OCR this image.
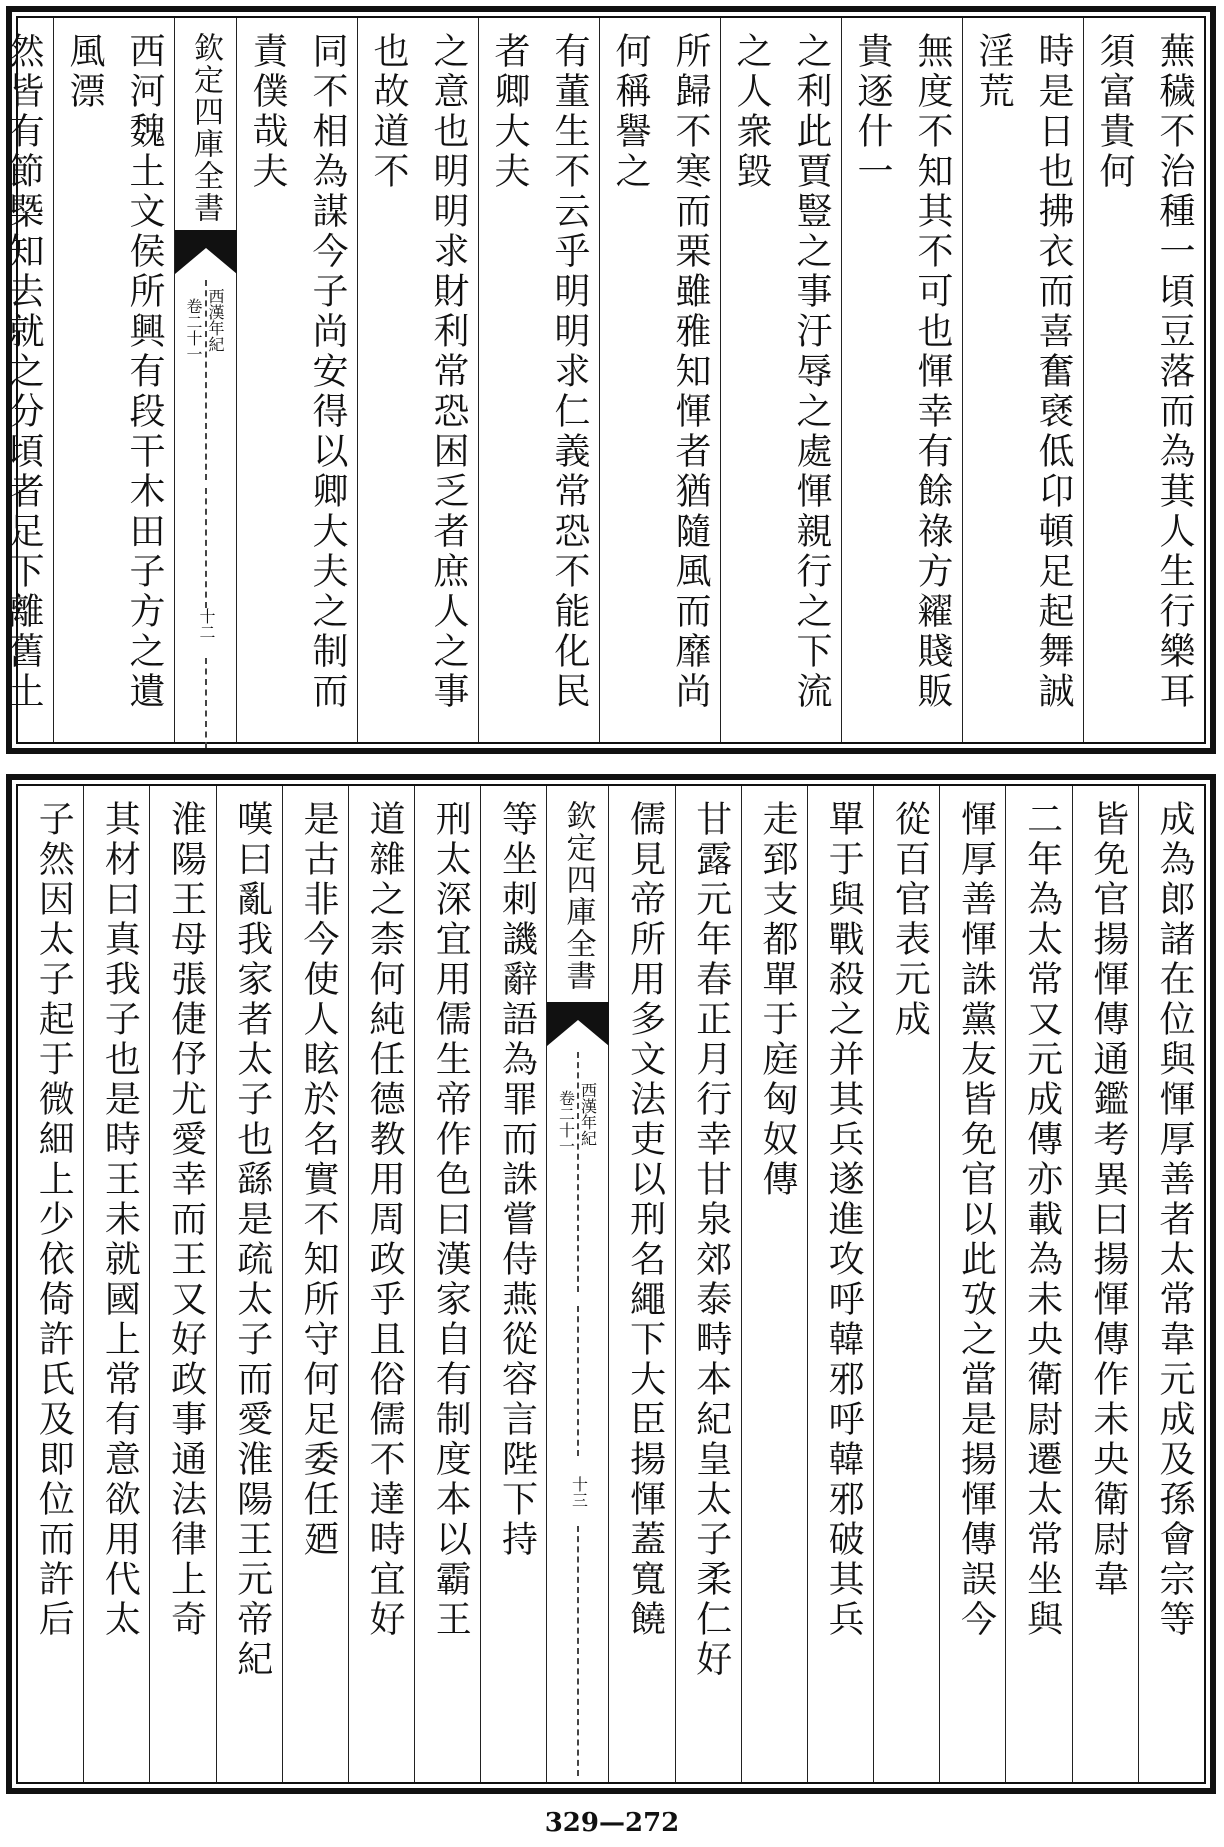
蕪穢不治種一頃豆落而為萁人生行樂耳須富貴何
時是日也拂衣而喜奮褎低卬頓足起舞誠淫荒
無度不知其不可也惲幸有餘祿方糴賤販貴逐什一
之利此賈豎之事汙辱之處惲親行之下流之人衆毀
所歸不寒而栗雖雅知惲者猶隨風而靡尚何稱譽之
有董生不云乎明明求仁義常恐不能化民者卿大夫
之意也明明求財利常恐困乏者庶人之事也故道不
同不相為謀今子尚安得以卿大夫之制而責僕哉夫
欽定四庫全書
西漢年紀
卷二十一
十二
西河魏土文侯所興有段干木田子方之遺風漂
然皆有節槩知去就之分頃者足下離舊土
成為郎諸在位與惲厚善者太常韋元成及孫會宗等
皆免官揚惲傳通鑑考異曰揚惲傳作未央衛尉韋
二年為太常又元成傳亦載為未央衛尉遷太常坐與
惲厚善惲誅黨友皆免官以此攷之當是揚惲傳誤今
從百官表元成
單于與戰殺之并其兵遂進攻呼韓邪呼韓邪破其兵
走郅支都單于庭匈奴傳
甘露元年春正月行幸甘泉郊泰畤本紀皇太子柔仁好
儒見帝所用多文法吏以刑名繩下大臣揚惲蓋寬饒
欽定四庫全書
西漢年紀
卷二十一
十三
等坐刺譏辭語為罪而誅嘗侍燕從容言陛下持
刑太深宜用儒生帝作色曰漢家自有制度本以霸王
道雜之柰何純任德教用周政乎且俗儒不達時宜好
是古非今使人眩於名實不知所守何足委任廼
嘆曰亂我家者太子也繇是疏太子而愛淮陽王元帝紀
淮陽王母張倢伃尤愛幸而王又好政事通法律上奇
其材曰真我子也是時王未就國上常有意欲用代太
子然因太子起于微細上少依倚許氏及即位而許后
329—272
